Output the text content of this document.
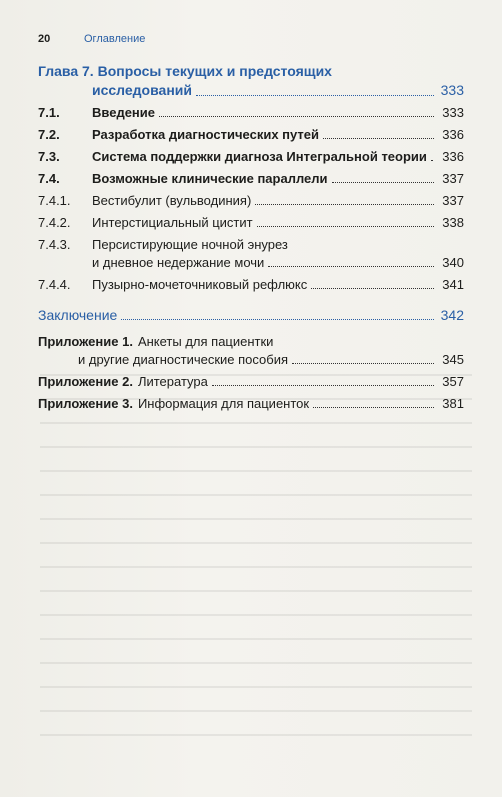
20	Оглавление
Глава 7. Вопросы текущих и предстоящих
исследований	333
7.1.	Введение	333
7.2.	Разработка диагностических путей	336
7.3.	Система поддержки диагноза Интегральной теории	336
7.4.	Возможные клинические параллели	337
7.4.1.	Вестибулит (вульводиния)	337
7.4.2.	Интерстициальный цистит	338
7.4.3.	Персистирующие ночной энурез
и дневное недержание мочи	340
7.4.4.	Пузырно-мочеточниковый рефлюкс	341
Заключение	342
Приложение 1. Анкеты для пациентки
и другие диагностические пособия	345
Приложение 2. Литература	357
Приложение 3. Информация для пациенток	381
